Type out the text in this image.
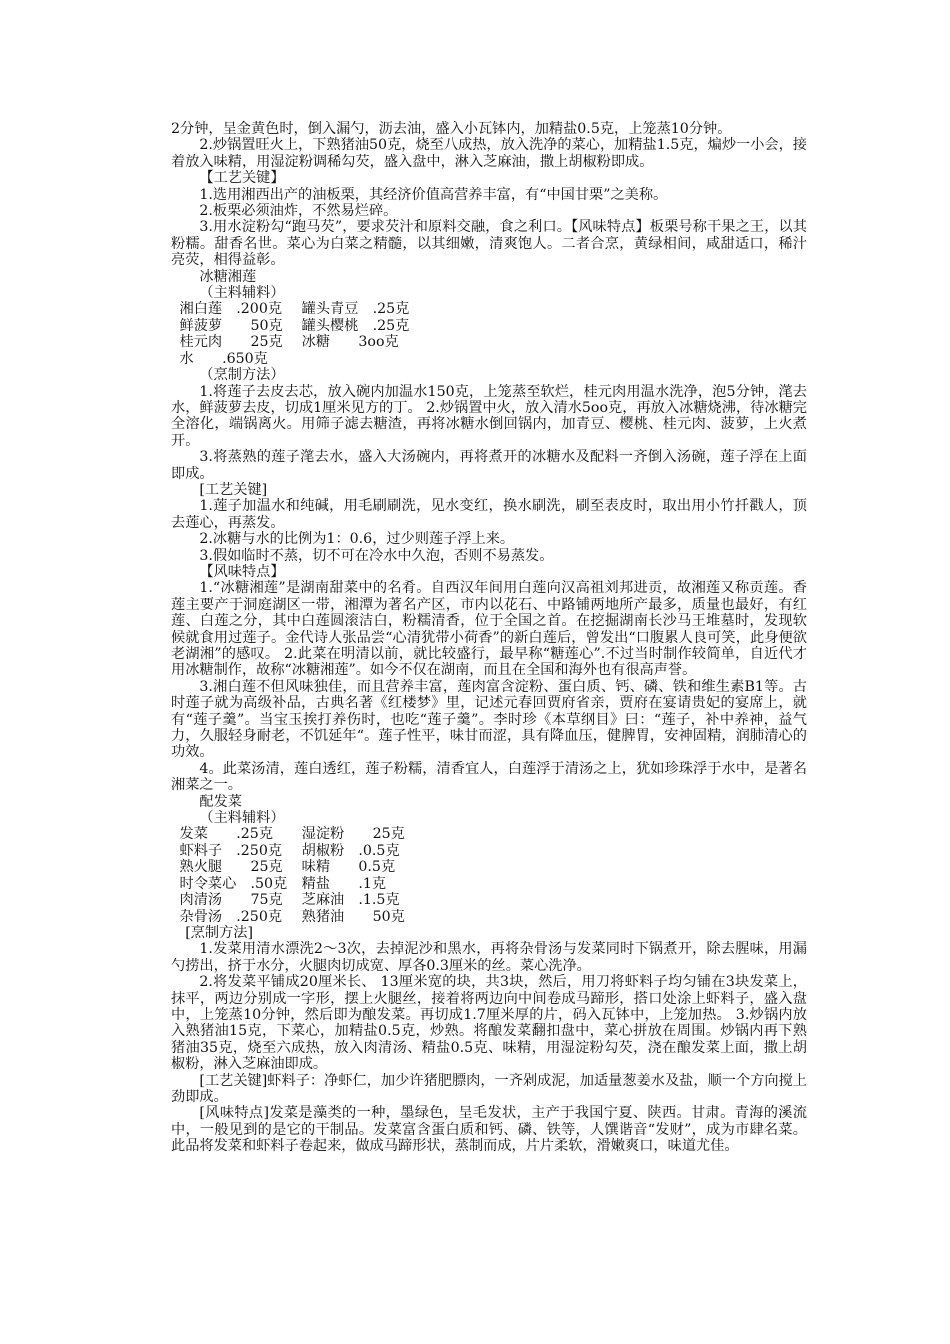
2分钟，呈金黄色时，倒入漏勺，沥去油，盛入小瓦钵内，加精盐0.5克，上笼蒸10分钟。

2.炒锅置旺火上，下熟猪油50克，烧至八成热，放入洗净的菜心，加精盐1.5克，煸炒一小会，接着放入味精，用湿淀粉调稀勾芡，盛入盘中，淋入芝麻油，撒上胡椒粉即成。

【工艺关键】

1.选用湘西出产的油板栗，其经济价值高营养丰富，有“中国甘栗”之美称。

2.板栗必须油炸，不然易烂碎。

3.用水淀粉勾“跑马芡”，要求芡汁和原料交融，食之利口。【风味特点】板栗号称干果之王，以其粉糯。甜香名世。菜心为白菜之精髓，以其细嫩，清爽饱人。二者合烹，黄绿相间，咸甜适口，稀汁亮荧，相得益彰。

冰糖湘莲

（主料辅料）

湘白莲　.200克	罐头青豆　.25克
鲜菠萝　　50克	罐头樱桃　.25克
桂元肉　　25克	冰糖　　3oo克
水　　.650克

（烹制方法）

1.将莲子去皮去芯，放入碗内加温水150克，上笼蒸至软烂，桂元肉用温水洗净，泡5分钟，滗去水，鲜菠萝去皮，切成1厘米见方的丁。 2.炒锅置中火，放入清水5oo克，再放入冰糖烧沸，待冰糖完全溶化，端锅离火。用筛子滤去糖渣，再将冰糖水倒回锅内，加青豆、樱桃、桂元肉、菠萝，上火煮开。

3.将蒸熟的莲子滗去水，盛入大汤碗内，再将煮开的冰糖水及配料一齐倒入汤碗，莲子浮在上面即成。

[工艺关键]

1.莲子加温水和纯碱，用毛刷刷洗，见水变红，换水刷洗，刷至表皮时，取出用小竹扦戳人，顶去莲心，再蒸发。

2.冰糖与水的比例为1：0.6，过少则莲子浮上来。

3.假如临时不蒸，切不可在冷水中久泡，否则不易蒸发。

【风味特点】

1.“冰糖湘莲”是湖南甜菜中的名肴。自西汉年间用白莲向汉高祖刘邦进贡，故湘莲又称贡莲。香莲主要产于洞庭湖区一带，湘潭为著名产区，市内以花石、中路铺两地所产最多，质量也最好，有红莲、白莲之分，其中白莲圆滚洁白，粉糯清香，位于全国之首。在挖掘湖南长沙马王堆墓时，发现软候就食用过莲子。金代诗人张品尝“心清犹带小荷香”的新白莲后，曾发出“口腹累人良可笑，此身便欲老湖湘”的感叹。 2.此菜在明清以前，就比较盛行，最早称“糖莲心”.不过当时制作较简单，自近代才用冰糖制作，故称“冰糖湘莲”。如今不仅在湖南，而且在全国和海外也有很高声誉。

3.湘白莲不但风味独佳，而且营养丰富，莲肉富含淀粉、蛋白质、钙、磷、铁和维生素B1等。古时莲子就为高级补品，古典名著《红楼梦》里，记述元春回贾府省亲，贾府在宴请贵妃的宴席上，就有“莲子羹”。当宝玉挨打养伤时，也吃“莲子羹”。李时珍《本草纲目》曰：“莲子，补中养神，益气力，久服轻身耐老，不饥延年“。莲子性平，味甘而涩，具有降血压，健脾胃，安神固精，润肺清心的功效。

4。此菜汤清，莲白透红，莲子粉糯，清香宜人，白莲浮于清汤之上，犹如珍珠浮于水中，是著名湘菜之一。

配发菜

（主料辅料）

发菜　　.25克	湿淀粉　　25克
虾料子　.250克	胡椒粉　.0.5克
熟火腿　　25克	味精　　0.5克
时令菜心　.50克	精盐　　.1克
肉清汤　　75克	芝麻油　.1.5克
杂骨汤　.250克	熟猪油　　50克

[烹制方法]

1.发菜用清水漂洗2～3次，去掉泥沙和黑水，再将杂骨汤与发菜同时下锅煮开，除去腥味，用漏勺捞出，挤于水分，火腿肉切成宽、厚各0.3厘米的丝。菜心洗净。

2.将发菜平铺成20厘米长、 13厘米宽的块，共3块，然后，用刀将虾料子均匀铺在3块发菜上，抹平，两边分别成一字形，摆上火腿丝，接着将两边向中间卷成马蹄形，搭口处涂上虾料子，盛入盘中，上笼蒸10分钟，然后即为酿发菜。再切成1.7厘米厚的片，码入瓦钵中，上笼加热。 3.炒锅内放入熟猪油15克，下菜心，加精盐0.5克，炒熟。将酿发菜翻扣盘中，菜心拼放在周围。炒锅内再下熟猪油35克，烧至六成热，放入肉清汤、精盐0.5克、味精，用湿淀粉勾芡，浇在酿发菜上面，撒上胡椒粉，淋入芝麻油即成。

[工艺关键]虾料子：净虾仁，加少许猪肥膘肉，一齐剁成泥，加适量葱姜水及盐，顺一个方向搅上劲即成。

[风味特点]发菜是藻类的一种，墨绿色，呈毛发状，主产于我国宁夏、陕西。甘肃。青海的溪流中，一般见到的是它的干制品。发菜富含蛋白质和钙、磷、铁等，人馔谐音“发财”，成为市肆名菜。此品将发菜和虾料子卷起来，做成马蹄形状，蒸制而成，片片柔软，滑嫩爽口，味道尤佳。
